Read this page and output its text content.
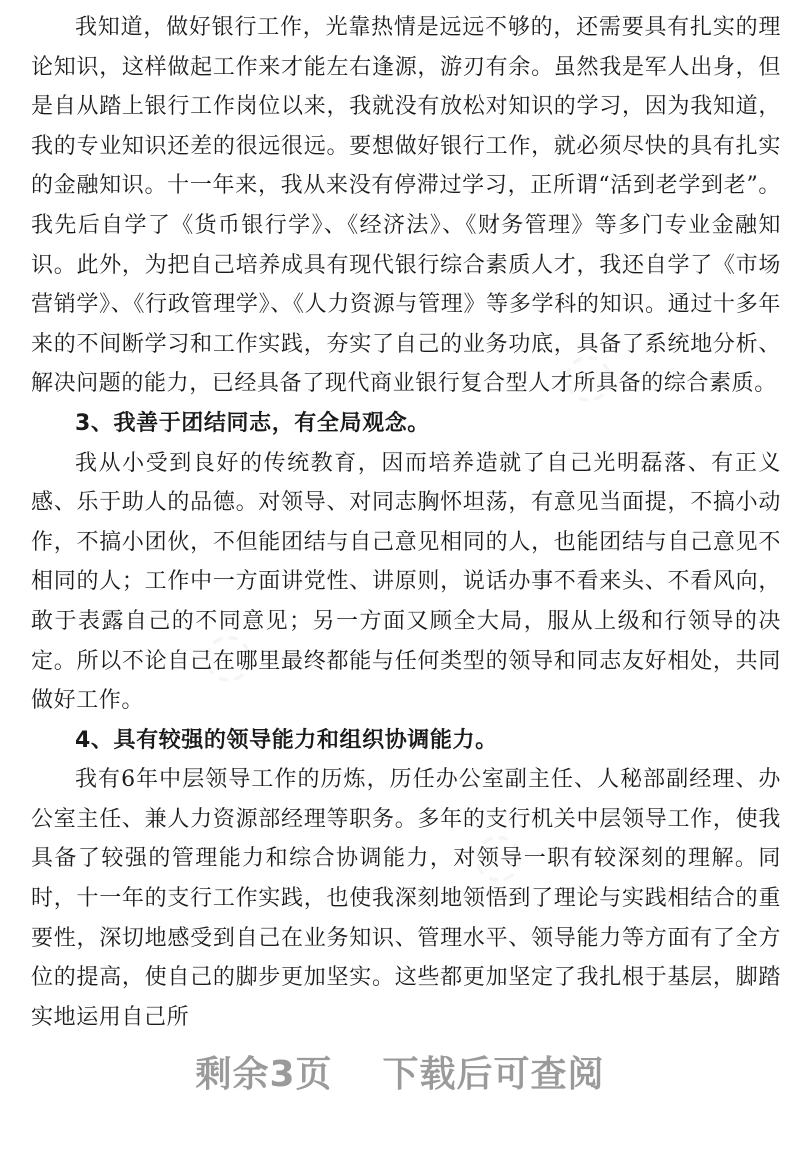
◌
◌
◌

我知道，做好银行工作，光靠热情是远远不够的，还需要具有扎实的理论知识，这样做起工作来才能左右逢源，游刃有余。虽然我是军人出身，但是自从踏上银行工作岗位以来，我就没有放松对知识的学习，因为我知道，我的专业知识还差的很远很远。要想做好银行工作，就必须尽快的具有扎实的金融知识。十一年来，我从来没有停滞过学习，正所谓“活到老学到老”。我先后自学了《货币银行学》、《经济法》、《财务管理》等多门专业金融知识。此外，为把自己培养成具有现代银行综合素质人才，我还自学了《市场营销学》、《行政管理学》、《人力资源与管理》等多学科的知识。通过十多年来的不间断学习和工作实践，夯实了自己的业务功底，具备了系统地分析、解决问题的能力，已经具备了现代商业银行复合型人才所具备的综合素质。

3、我善于团结同志，有全局观念。

我从小受到良好的传统教育，因而培养造就了自己光明磊落、有正义感、乐于助人的品德。对领导、对同志胸怀坦荡，有意见当面提，不搞小动作，不搞小团伙，不但能团结与自己意见相同的人，也能团结与自己意见不相同的人；工作中一方面讲党性、讲原则，说话办事不看来头、不看风向，敢于表露自己的不同意见；另一方面又顾全大局，服从上级和行领导的决定。所以不论自己在哪里最终都能与任何类型的领导和同志友好相处，共同做好工作。

4、具有较强的领导能力和组织协调能力。

我有6年中层领导工作的历炼，历任办公室副主任、人秘部副经理、办公室主任、兼人力资源部经理等职务。多年的支行机关中层领导工作，使我具备了较强的管理能力和综合协调能力，对领导一职有较深刻的理解。同时，十一年的支行工作实践，也使我深刻地领悟到了理论与实践相结合的重要性，深切地感受到自己在业务知识、管理水平、领导能力等方面有了全方位的提高，使自己的脚步更加坚实。这些都更加坚定了我扎根于基层，脚踏实地运用自己所

剩余3页 下载后可查阅
